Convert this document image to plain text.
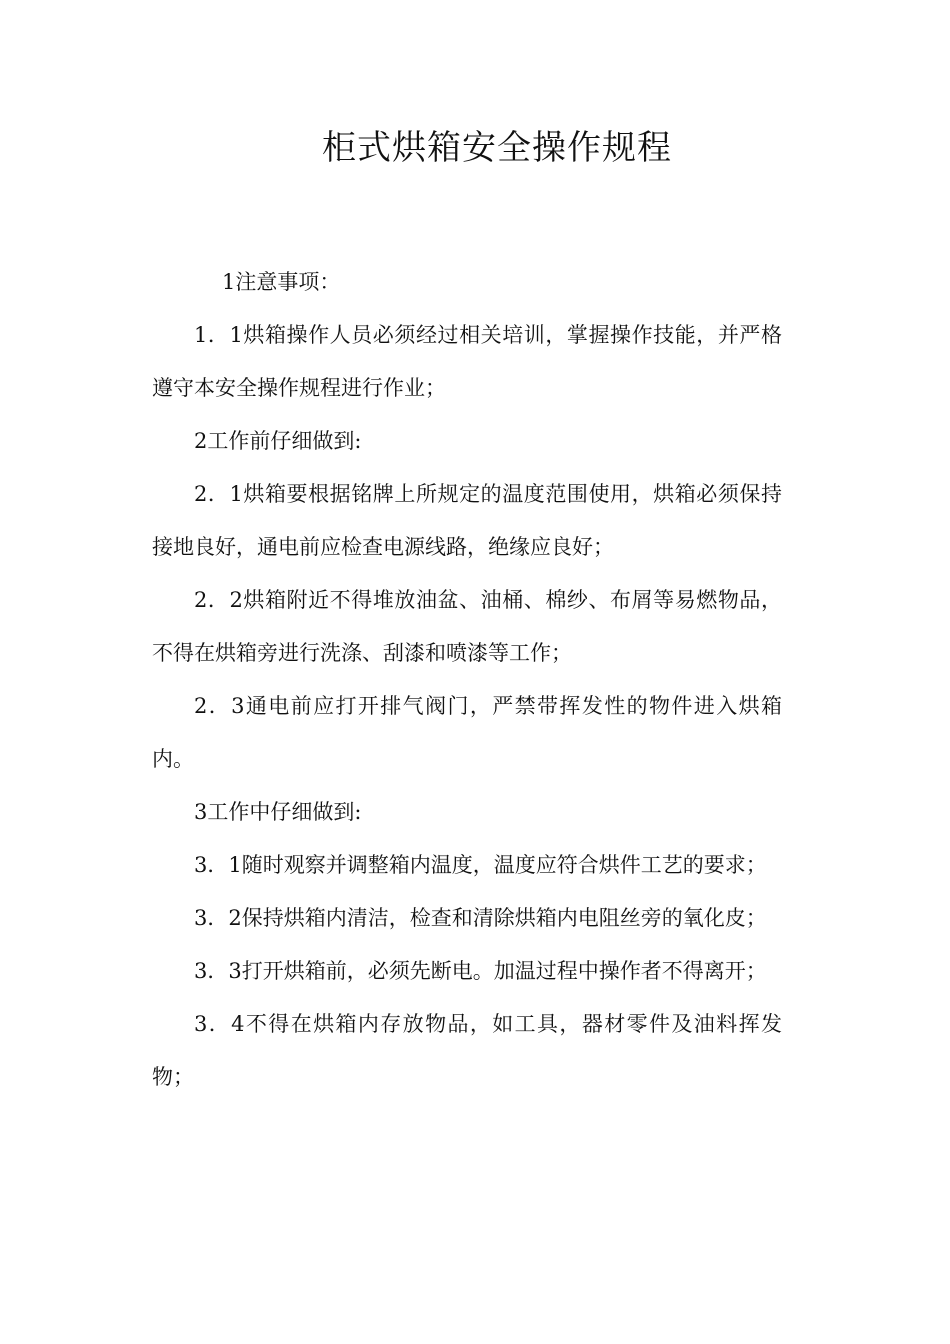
柜式烘箱安全操作规程

1注意事项：

1．1烘箱操作人员必须经过相关培训，掌握操作技能，并严格遵守本安全操作规程进行作业；

2工作前仔细做到:

2．1烘箱要根据铭牌上所规定的温度范围使用，烘箱必须保持接地良好，通电前应检查电源线路，绝缘应良好；

2．2烘箱附近不得堆放油盆、油桶、棉纱、布屑等易燃物品，不得在烘箱旁进行洗涤、刮漆和喷漆等工作；

2．3通电前应打开排气阀门，严禁带挥发性的物件进入烘箱内。

3工作中仔细做到:

3．1随时观察并调整箱内温度，温度应符合烘件工艺的要求；

3．2保持烘箱内清洁，检查和清除烘箱内电阻丝旁的氧化皮；

3．3打开烘箱前，必须先断电。加温过程中操作者不得离开；

3．4不得在烘箱内存放物品，如工具，器材零件及油料挥发物；
